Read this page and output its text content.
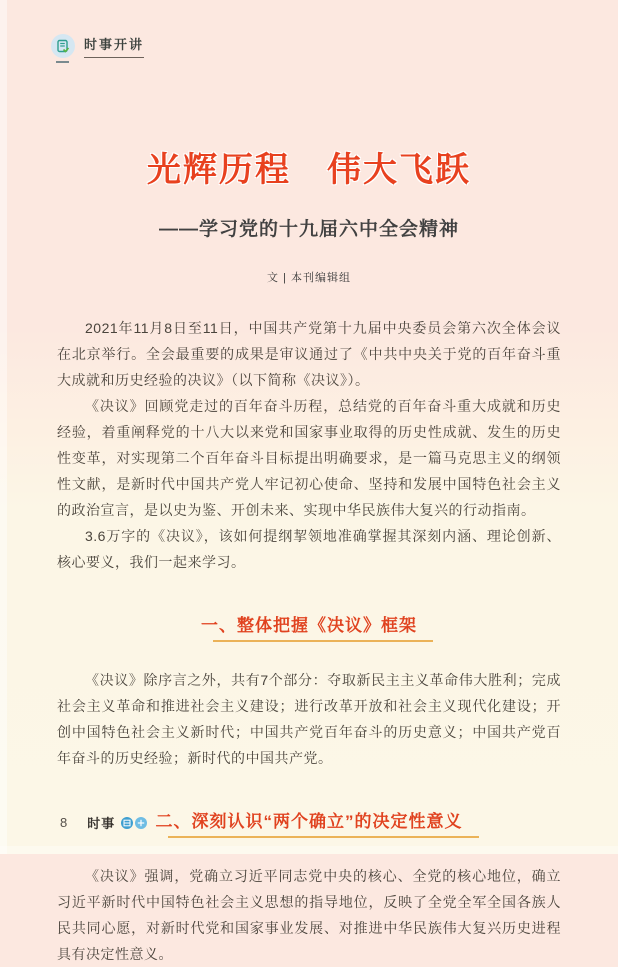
时事开讲
光辉历程　伟大飞跃
——学习党的十九届六中全会精神
文 | 本刊编辑组

2021年11月8日至11日，中国共产党第十九届中央委员会第六次全体会议在北京举行。全会最重要的成果是审议通过了《中共中央关于党的百年奋斗重大成就和历史经验的决议》（以下简称《决议》）。

《决议》回顾党走过的百年奋斗历程，总结党的百年奋斗重大成就和历史经验，着重阐释党的十八大以来党和国家事业取得的历史性成就、发生的历史性变革，对实现第二个百年奋斗目标提出明确要求，是一篇马克思主义的纲领性文献，是新时代中国共产党人牢记初心使命、坚持和发展中国特色社会主义的政治宣言，是以史为鉴、开创未来、实现中华民族伟大复兴的行动指南。

3.6万字的《决议》，该如何提纲挈领地准确掌握其深刻内涵、理论创新、核心要义，我们一起来学习。

一、整体把握《决议》框架

《决议》除序言之外，共有7个部分：夺取新民主主义革命伟大胜利；完成社会主义革命和推进社会主义建设；进行改革开放和社会主义现代化建设；开创中国特色社会主义新时代；中国共产党百年奋斗的历史意义；中国共产党百年奋斗的历史经验；新时代的中国共产党。

二、深刻认识“两个确立”的决定性意义

《决议》强调，党确立习近平同志党中央的核心、全党的核心地位，确立习近平新时代中国特色社会主义思想的指导地位，反映了全党全军全国各族人民共同心愿，对新时代党和国家事业发展、对推进中华民族伟大复兴历史进程具有决定性意义。

8 时事
